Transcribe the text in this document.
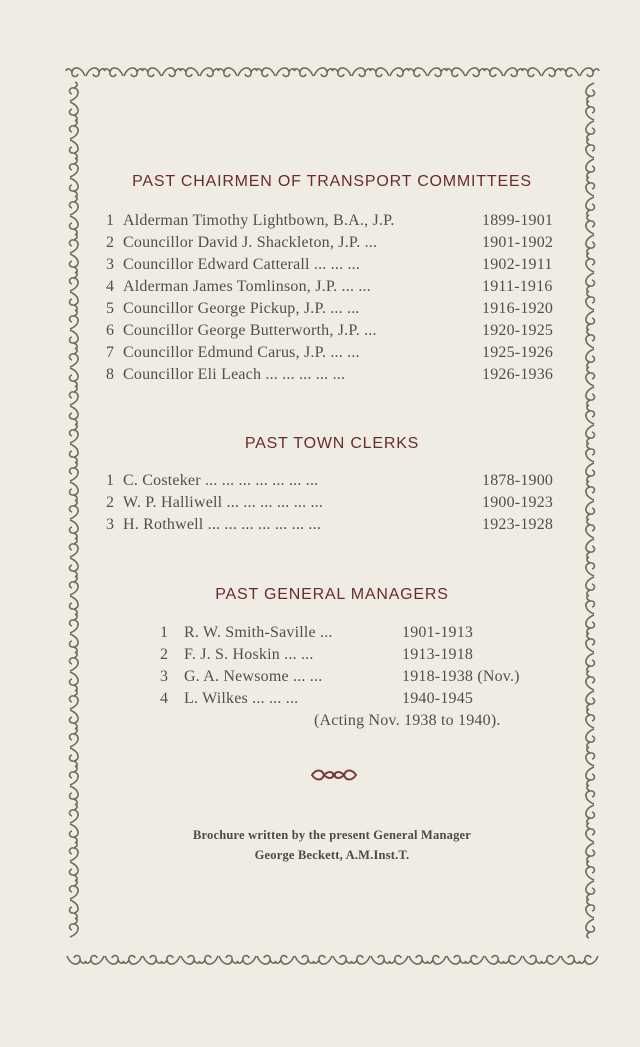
PAST CHAIRMEN OF TRANSPORT COMMITTEES
1 Alderman Timothy Lightbown, B.A., J.P.	1899-1901
2 Councillor David J. Shackleton, J.P. ...	1901-1902
3 Councillor Edward Catterall ... ... ...	1902-1911
4 Alderman James Tomlinson, J.P. ... ...	1911-1916
5 Councillor George Pickup, J.P. ... ...	1916-1920
6 Councillor George Butterworth, J.P. ...	1920-1925
7 Councillor Edmund Carus, J.P. ... ...	1925-1926
8 Councillor Eli Leach ... ... ... ... ...	1926-1936
PAST TOWN CLERKS
1 C. Costeker ... ... ... ... ... ... ...	1878-1900
2 W. P. Halliwell ... ... ... ... ... ...	1900-1923
3 H. Rothwell ... ... ... ... ... ... ...	1923-1928
PAST GENERAL MANAGERS
1 R. W. Smith-Saville ...	1901-1913
2 F. J. S. Hoskin ... ...	1913-1918
3 G. A. Newsome ... ...	1918-1938 (Nov.)
4 L. Wilkes ... ... ...	1940-1945
(Acting Nov. 1938 to 1940).
Brochure written by the present General Manager
George Beckett, A.M.Inst.T.
